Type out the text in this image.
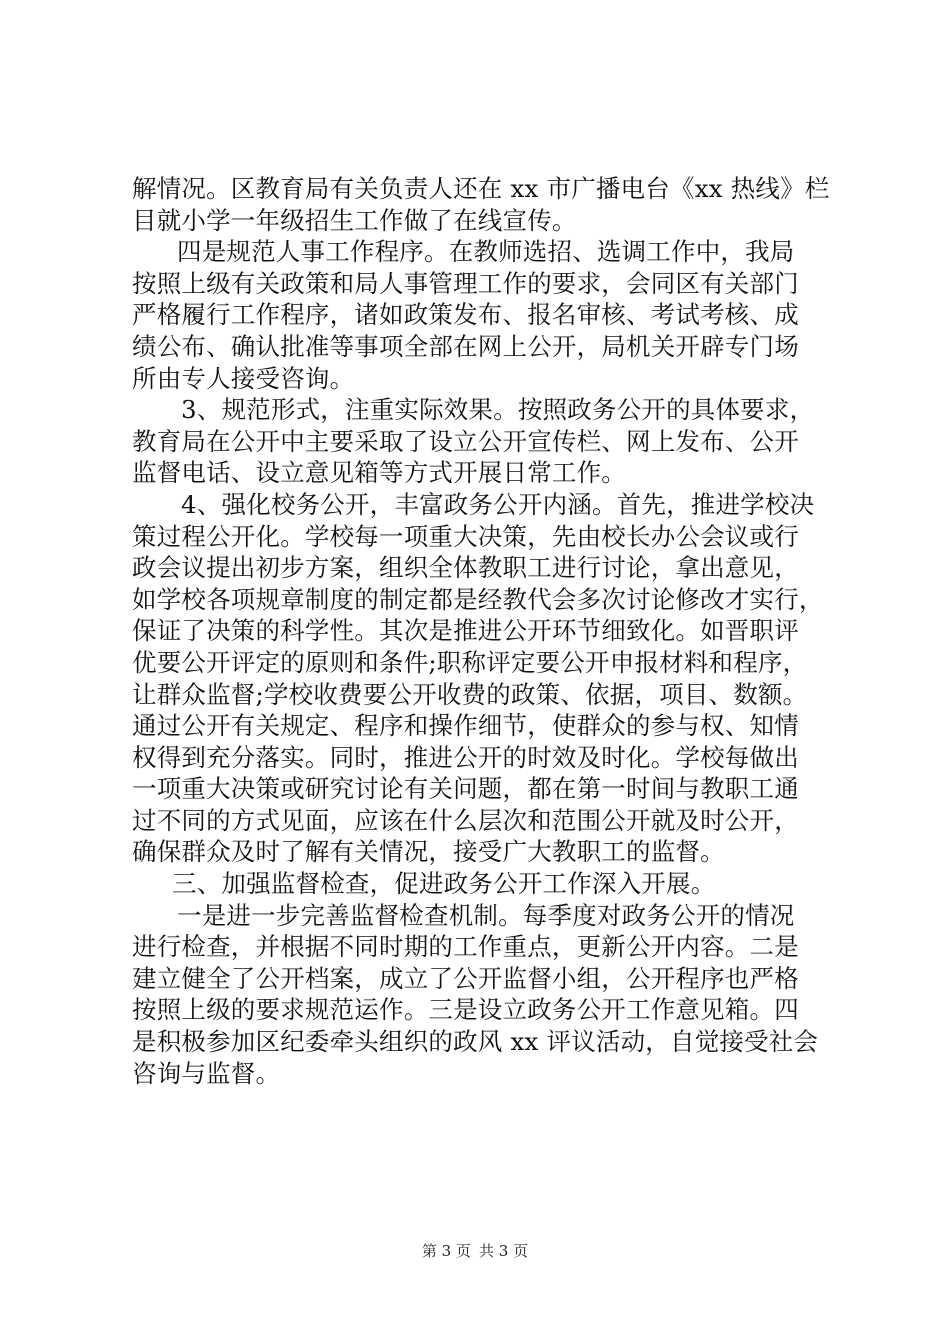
解情况。区教育局有关负责人还在 xx 市广播电台《xx 热线》栏
目就小学一年级招生工作做了在线宣传。
四是规范人事工作程序。在教师选招、选调工作中，我局
按照上级有关政策和局人事管理工作的要求，会同区有关部门
严格履行工作程序，诸如政策发布、报名审核、考试考核、成
绩公布、确认批准等事项全部在网上公开，局机关开辟专门场
所由专人接受咨询。
3、规范形式，注重实际效果。按照政务公开的具体要求，
教育局在公开中主要采取了设立公开宣传栏、网上发布、公开
监督电话、设立意见箱等方式开展日常工作。
4、强化校务公开，丰富政务公开内涵。首先，推进学校决
策过程公开化。学校每一项重大决策，先由校长办公会议或行
政会议提出初步方案，组织全体教职工进行讨论，拿出意见，
如学校各项规章制度的制定都是经教代会多次讨论修改才实行，
保证了决策的科学性。其次是推进公开环节细致化。如晋职评
优要公开评定的原则和条件;职称评定要公开申报材料和程序，
让群众监督;学校收费要公开收费的政策、依据，项目、数额。
通过公开有关规定、程序和操作细节，使群众的参与权、知情
权得到充分落实。同时，推进公开的时效及时化。学校每做出
一项重大决策或研究讨论有关问题，都在第一时间与教职工通
过不同的方式见面，应该在什么层次和范围公开就及时公开，
确保群众及时了解有关情况，接受广大教职工的监督。
三、加强监督检查，促进政务公开工作深入开展。
一是进一步完善监督检查机制。每季度对政务公开的情况
进行检查，并根据不同时期的工作重点，更新公开内容。二是
建立健全了公开档案，成立了公开监督小组，公开程序也严格
按照上级的要求规范运作。三是设立政务公开工作意见箱。四
是积极参加区纪委牵头组织的政风 xx 评议活动，自觉接受社会
咨询与监督。
第 3 页 共 3 页
